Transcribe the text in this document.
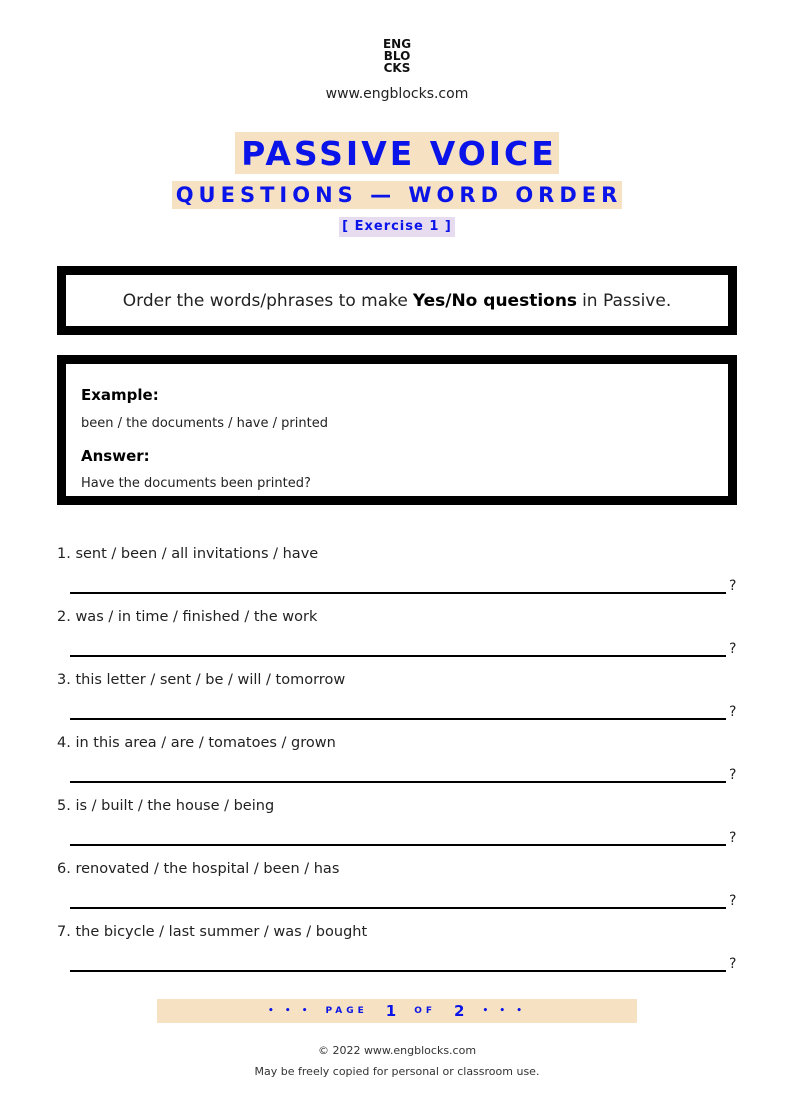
ENG
BLO
CKS
www.engblocks.com
PASSIVE VOICE
QUESTIONS — WORD ORDER
[ Exercise 1 ]
Order the words/phrases to make Yes/No questions in Passive.
Example:
been / the documents / have / printed
Answer:
Have the documents been printed?
1. sent / been / all invitations / have
?
2. was / in time / finished / the work
?
3. this letter / sent / be / will / tomorrow
?
4. in this area / are / tomatoes / grown
?
5. is / built / the house / being
?
6. renovated / the hospital / been / has
?
7. the bicycle / last summer / was / bought
?
• • • PAGE 1 OF 2 • • •
© 2022 www.engblocks.com
May be freely copied for personal or classroom use.
